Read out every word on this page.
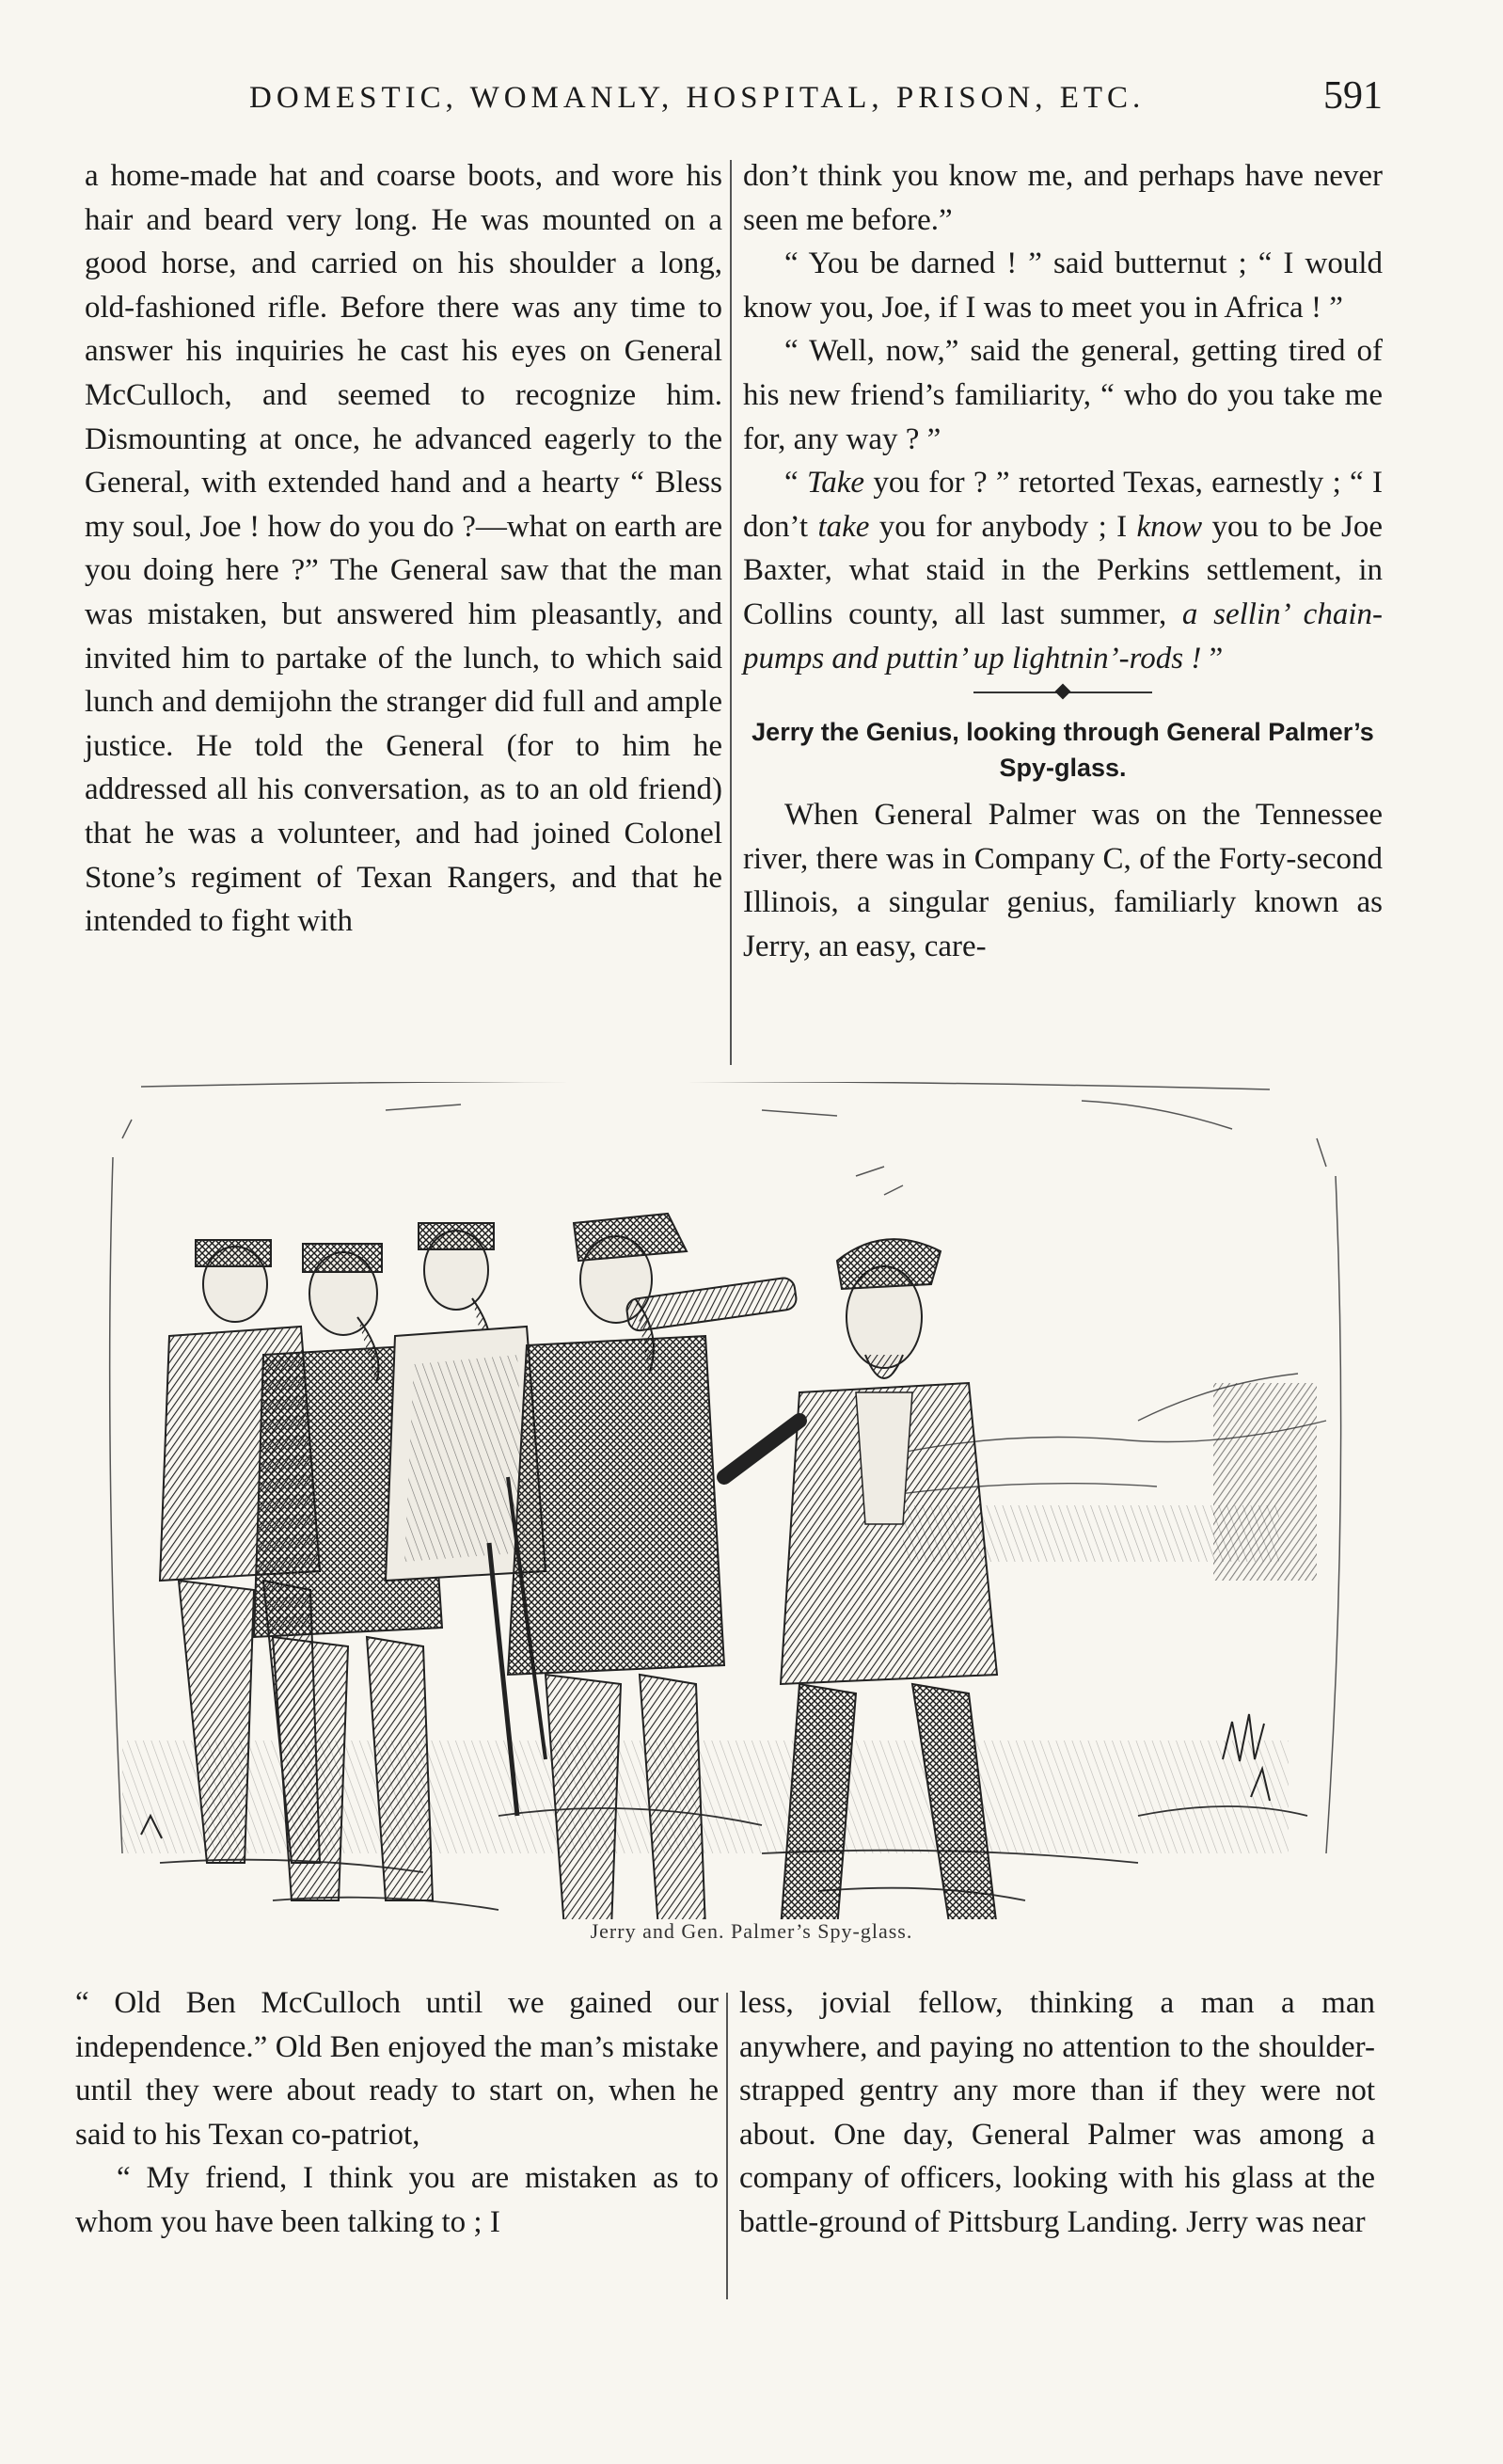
DOMESTIC, WOMANLY, HOSPITAL, PRISON, ETC.	591

a home-made hat and coarse boots, and wore his hair and beard very long. He was mounted on a good horse, and carried on his shoulder a long, old-fashioned rifle. Before there was any time to answer his inquiries he cast his eyes on General McCulloch, and seemed to recognize him. Dismounting at once, he advanced eagerly to the General, with extended hand and a hearty “ Bless my soul, Joe ! how do you do ?—what on earth are you doing here ?” The General saw that the man was mistaken, but answered him pleasantly, and invited him to partake of the lunch, to which said lunch and demijohn the stranger did full and ample justice. He told the General (for to him he addressed all his conversation, as to an old friend) that he was a volunteer, and had joined Colonel Stone’s regiment of Texan Rangers, and that he intended to fight with

don’t think you know me, and perhaps have never seen me before.”

“ You be darned ! ” said butternut ; “ I would know you, Joe, if I was to meet you in Africa ! ”

“ Well, now,” said the general, getting tired of his new friend’s familiarity, “ who do you take me for, any way ? ”

“ Take you for ? ” retorted Texas, earnestly ; “ I don’t take you for anybody ; I know you to be Joe Baxter, what staid in the Perkins settlement, in Collins county, all last summer, a sellin’ chain-pumps and puttin’ up lightnin’-rods ! ”

Jerry the Genius, looking through General Palmer’s Spy-glass.

When General Palmer was on the Tennessee river, there was in Company C, of the Forty-second Illinois, a singular genius, familiarly known as Jerry, an easy, care-

Jerry and Gen. Palmer’s Spy-glass.

“ Old Ben McCulloch until we gained our independence.” Old Ben enjoyed the man’s mistake until they were about ready to start on, when he said to his Texan co-patriot,

“ My friend, I think you are mistaken as to whom you have been talking to ; I

less, jovial fellow, thinking a man a man anywhere, and paying no attention to the shoulder-strapped gentry any more than if they were not about. One day, General Palmer was among a company of officers, looking with his glass at the battle-ground of Pittsburg Landing. Jerry was near
